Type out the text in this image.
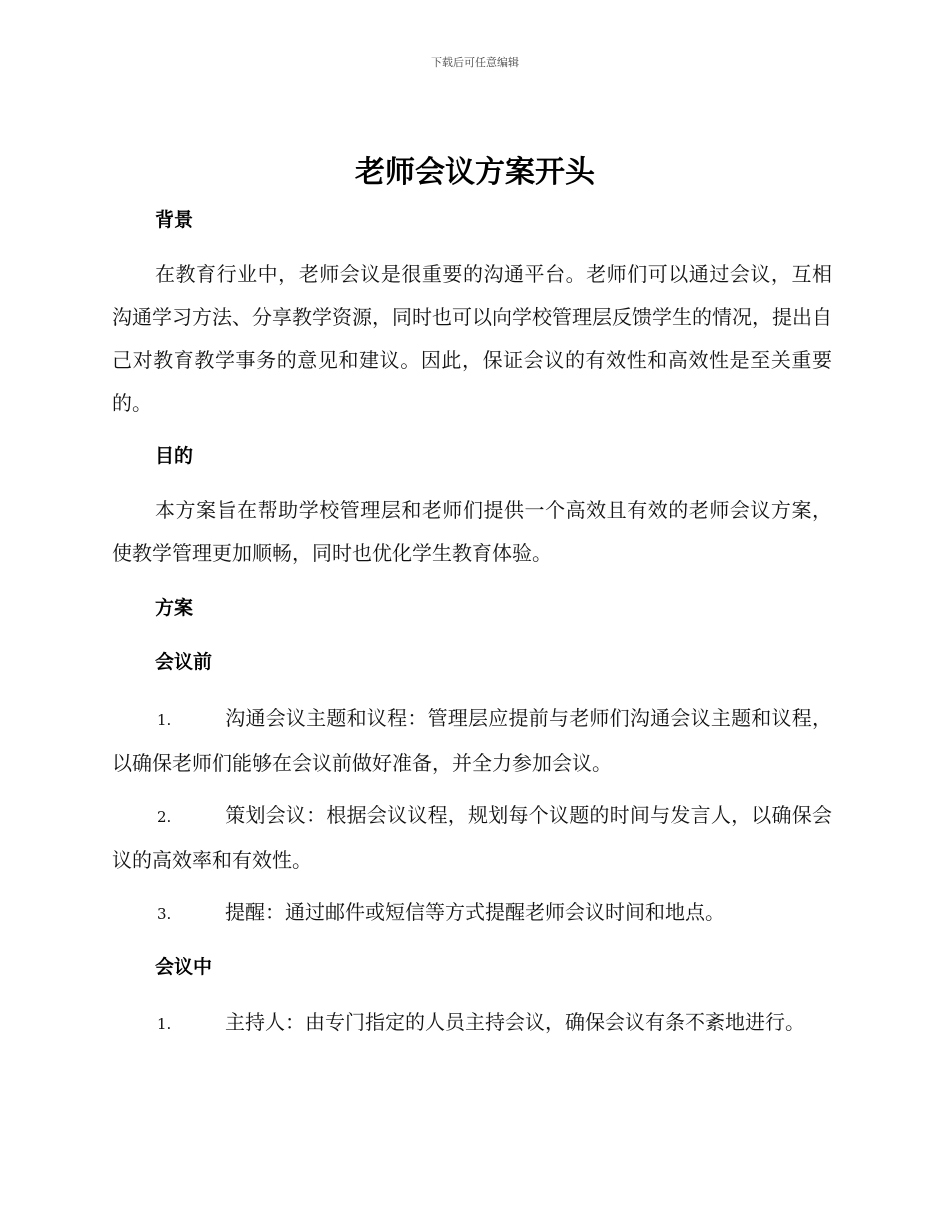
下载后可任意编辑
老师会议方案开头
背景
在教育行业中，老师会议是很重要的沟通平台。老师们可以通过会议，互相沟通学习方法、分享教学资源，同时也可以向学校管理层反馈学生的情况，提出自己对教育教学事务的意见和建议。因此，保证会议的有效性和高效性是至关重要的。
目的
本方案旨在帮助学校管理层和老师们提供一个高效且有效的老师会议方案，使教学管理更加顺畅，同时也优化学生教育体验。
方案
会议前
1.	沟通会议主题和议程：管理层应提前与老师们沟通会议主题和议程，以确保老师们能够在会议前做好准备，并全力参加会议。
2.	策划会议：根据会议议程，规划每个议题的时间与发言人，以确保会议的高效率和有效性。
3.	提醒：通过邮件或短信等方式提醒老师会议时间和地点。
会议中
1.	主持人：由专门指定的人员主持会议，确保会议有条不紊地进行。
